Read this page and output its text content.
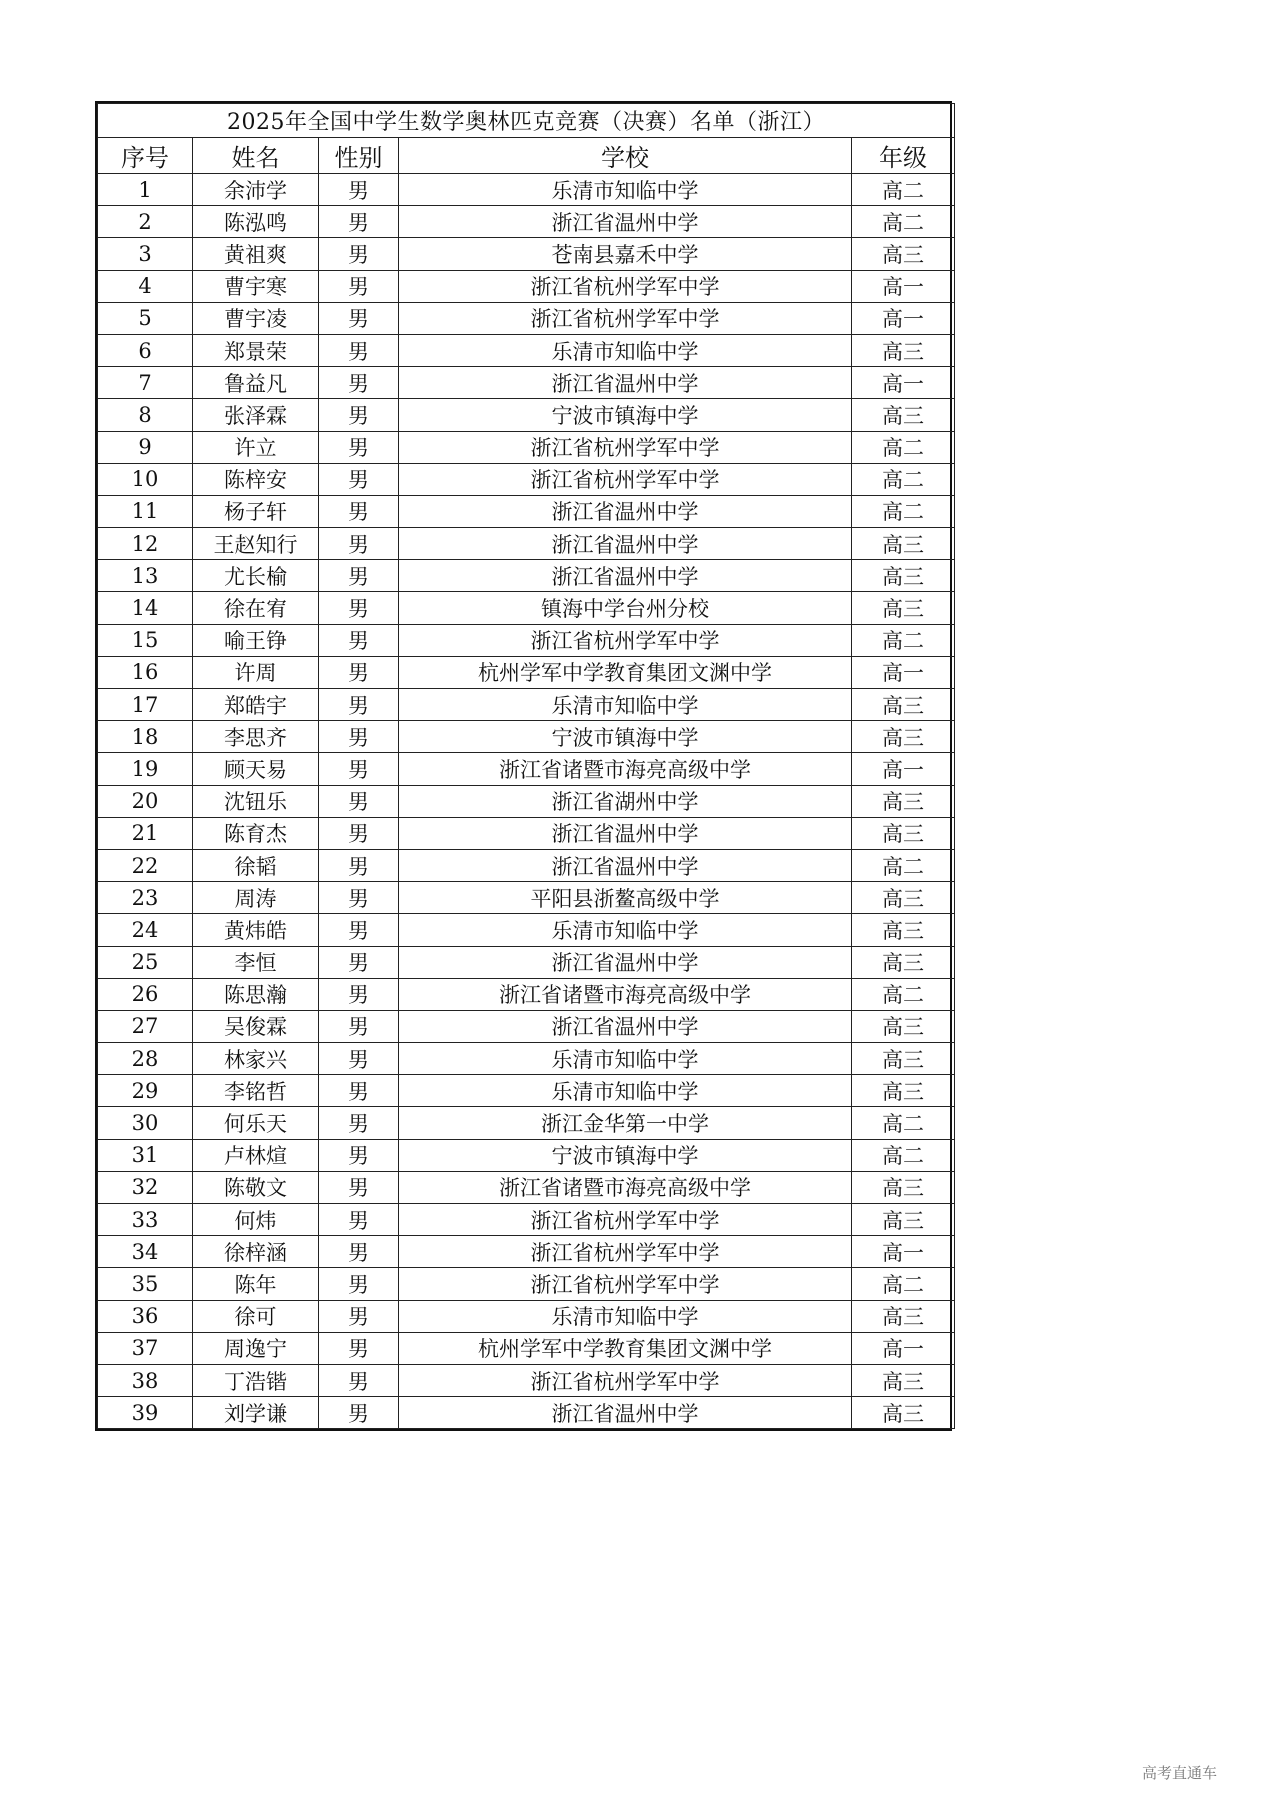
2025年全国中学生数学奥林匹克竞赛（决赛）名单（浙江）				
序号	姓名	性别	学校	年级
1	余沛学	男	乐清市知临中学	高二
2	陈泓鸣	男	浙江省温州中学	高二
3	黄祖爽	男	苍南县嘉禾中学	高三
4	曹宇寒	男	浙江省杭州学军中学	高一
5	曹宇凌	男	浙江省杭州学军中学	高一
6	郑景荣	男	乐清市知临中学	高三
7	鲁益凡	男	浙江省温州中学	高一
8	张泽霖	男	宁波市镇海中学	高三
9	许立	男	浙江省杭州学军中学	高二
10	陈梓安	男	浙江省杭州学军中学	高二
11	杨子轩	男	浙江省温州中学	高二
12	王赵知行	男	浙江省温州中学	高三
13	尤长榆	男	浙江省温州中学	高三
14	徐在宥	男	镇海中学台州分校	高三
15	喻王铮	男	浙江省杭州学军中学	高二
16	许周	男	杭州学军中学教育集团文渊中学	高一
17	郑皓宇	男	乐清市知临中学	高三
18	李思齐	男	宁波市镇海中学	高三
19	顾天易	男	浙江省诸暨市海亮高级中学	高一
20	沈钮乐	男	浙江省湖州中学	高三
21	陈育杰	男	浙江省温州中学	高三
22	徐韬	男	浙江省温州中学	高二
23	周涛	男	平阳县浙鳌高级中学	高三
24	黄炜皓	男	乐清市知临中学	高三
25	李恒	男	浙江省温州中学	高三
26	陈思瀚	男	浙江省诸暨市海亮高级中学	高二
27	吴俊霖	男	浙江省温州中学	高三
28	林家兴	男	乐清市知临中学	高三
29	李铭哲	男	乐清市知临中学	高三
30	何乐天	男	浙江金华第一中学	高二
31	卢林煊	男	宁波市镇海中学	高二
32	陈敬文	男	浙江省诸暨市海亮高级中学	高三
33	何炜	男	浙江省杭州学军中学	高三
34	徐梓涵	男	浙江省杭州学军中学	高一
35	陈年	男	浙江省杭州学军中学	高二
36	徐可	男	乐清市知临中学	高三
37	周逸宁	男	杭州学军中学教育集团文渊中学	高一
38	丁浩锴	男	浙江省杭州学军中学	高三
39	刘学谦	男	浙江省温州中学	高三
高考直通车
